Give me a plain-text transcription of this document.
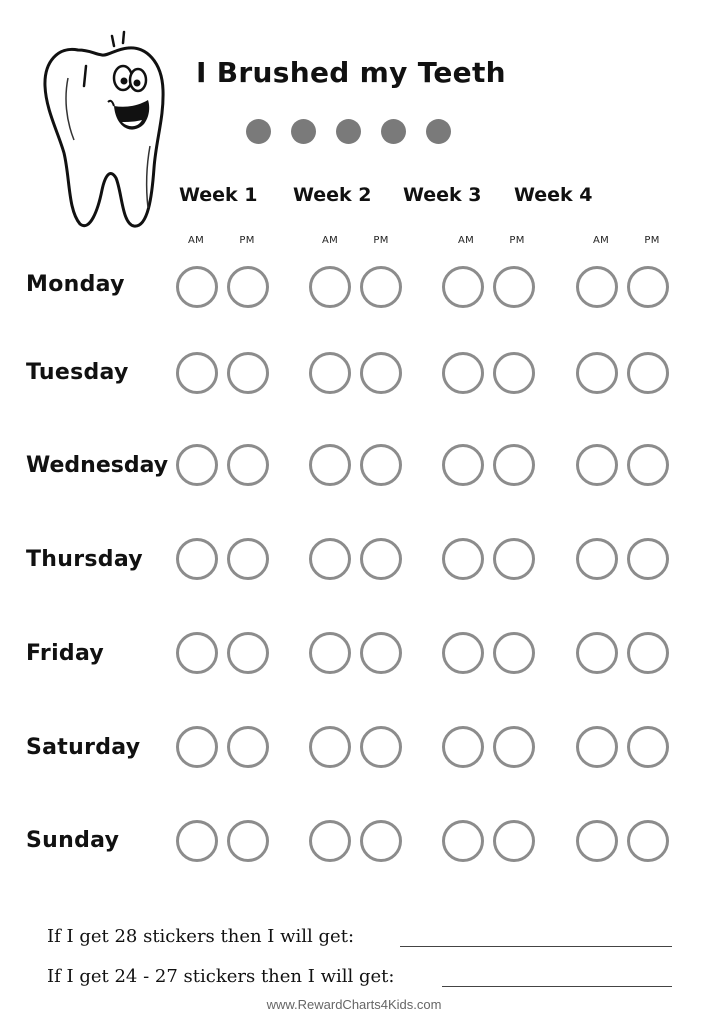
I Brushed my Teeth
Week 1 Week 2 Week 3 Week 4
AM	PM	AM	PM	AM	PM	AM	PM
Monday
Tuesday
Wednesday
Thursday
Friday
Saturday
Sunday
If I get 28 stickers then I will get:
If I get 24 - 27 stickers then I will get:
www.RewardCharts4Kids.com
